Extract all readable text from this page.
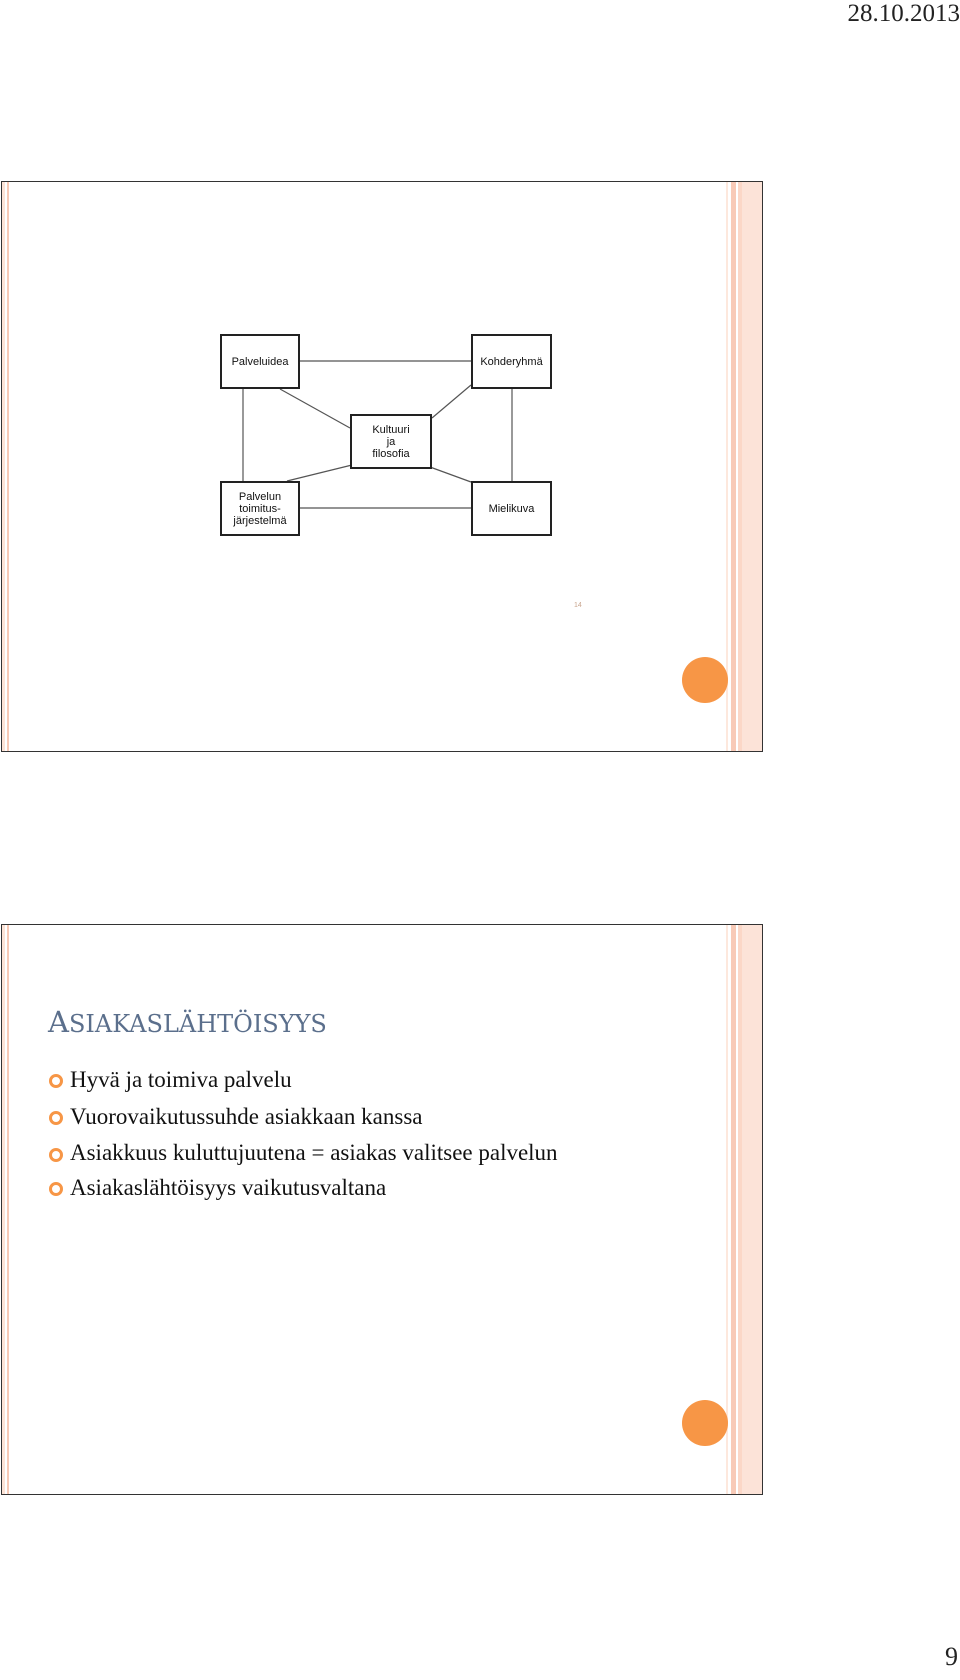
28.10.2013
Palveluidea	Kohderyhmä
Kultuuri
ja
filosofia
Palvelun
toimitus-
järjestelmä
Mielikuva
14
ASIAKASLÄHTÖISYYS
Hyvä ja toimiva palvelu
Vuorovaikutussuhde asiakkaan kanssa
Asiakkuus kuluttujuutena = asiakas valitsee palvelun
Asiakaslähtöisyys vaikutusvaltana
9
